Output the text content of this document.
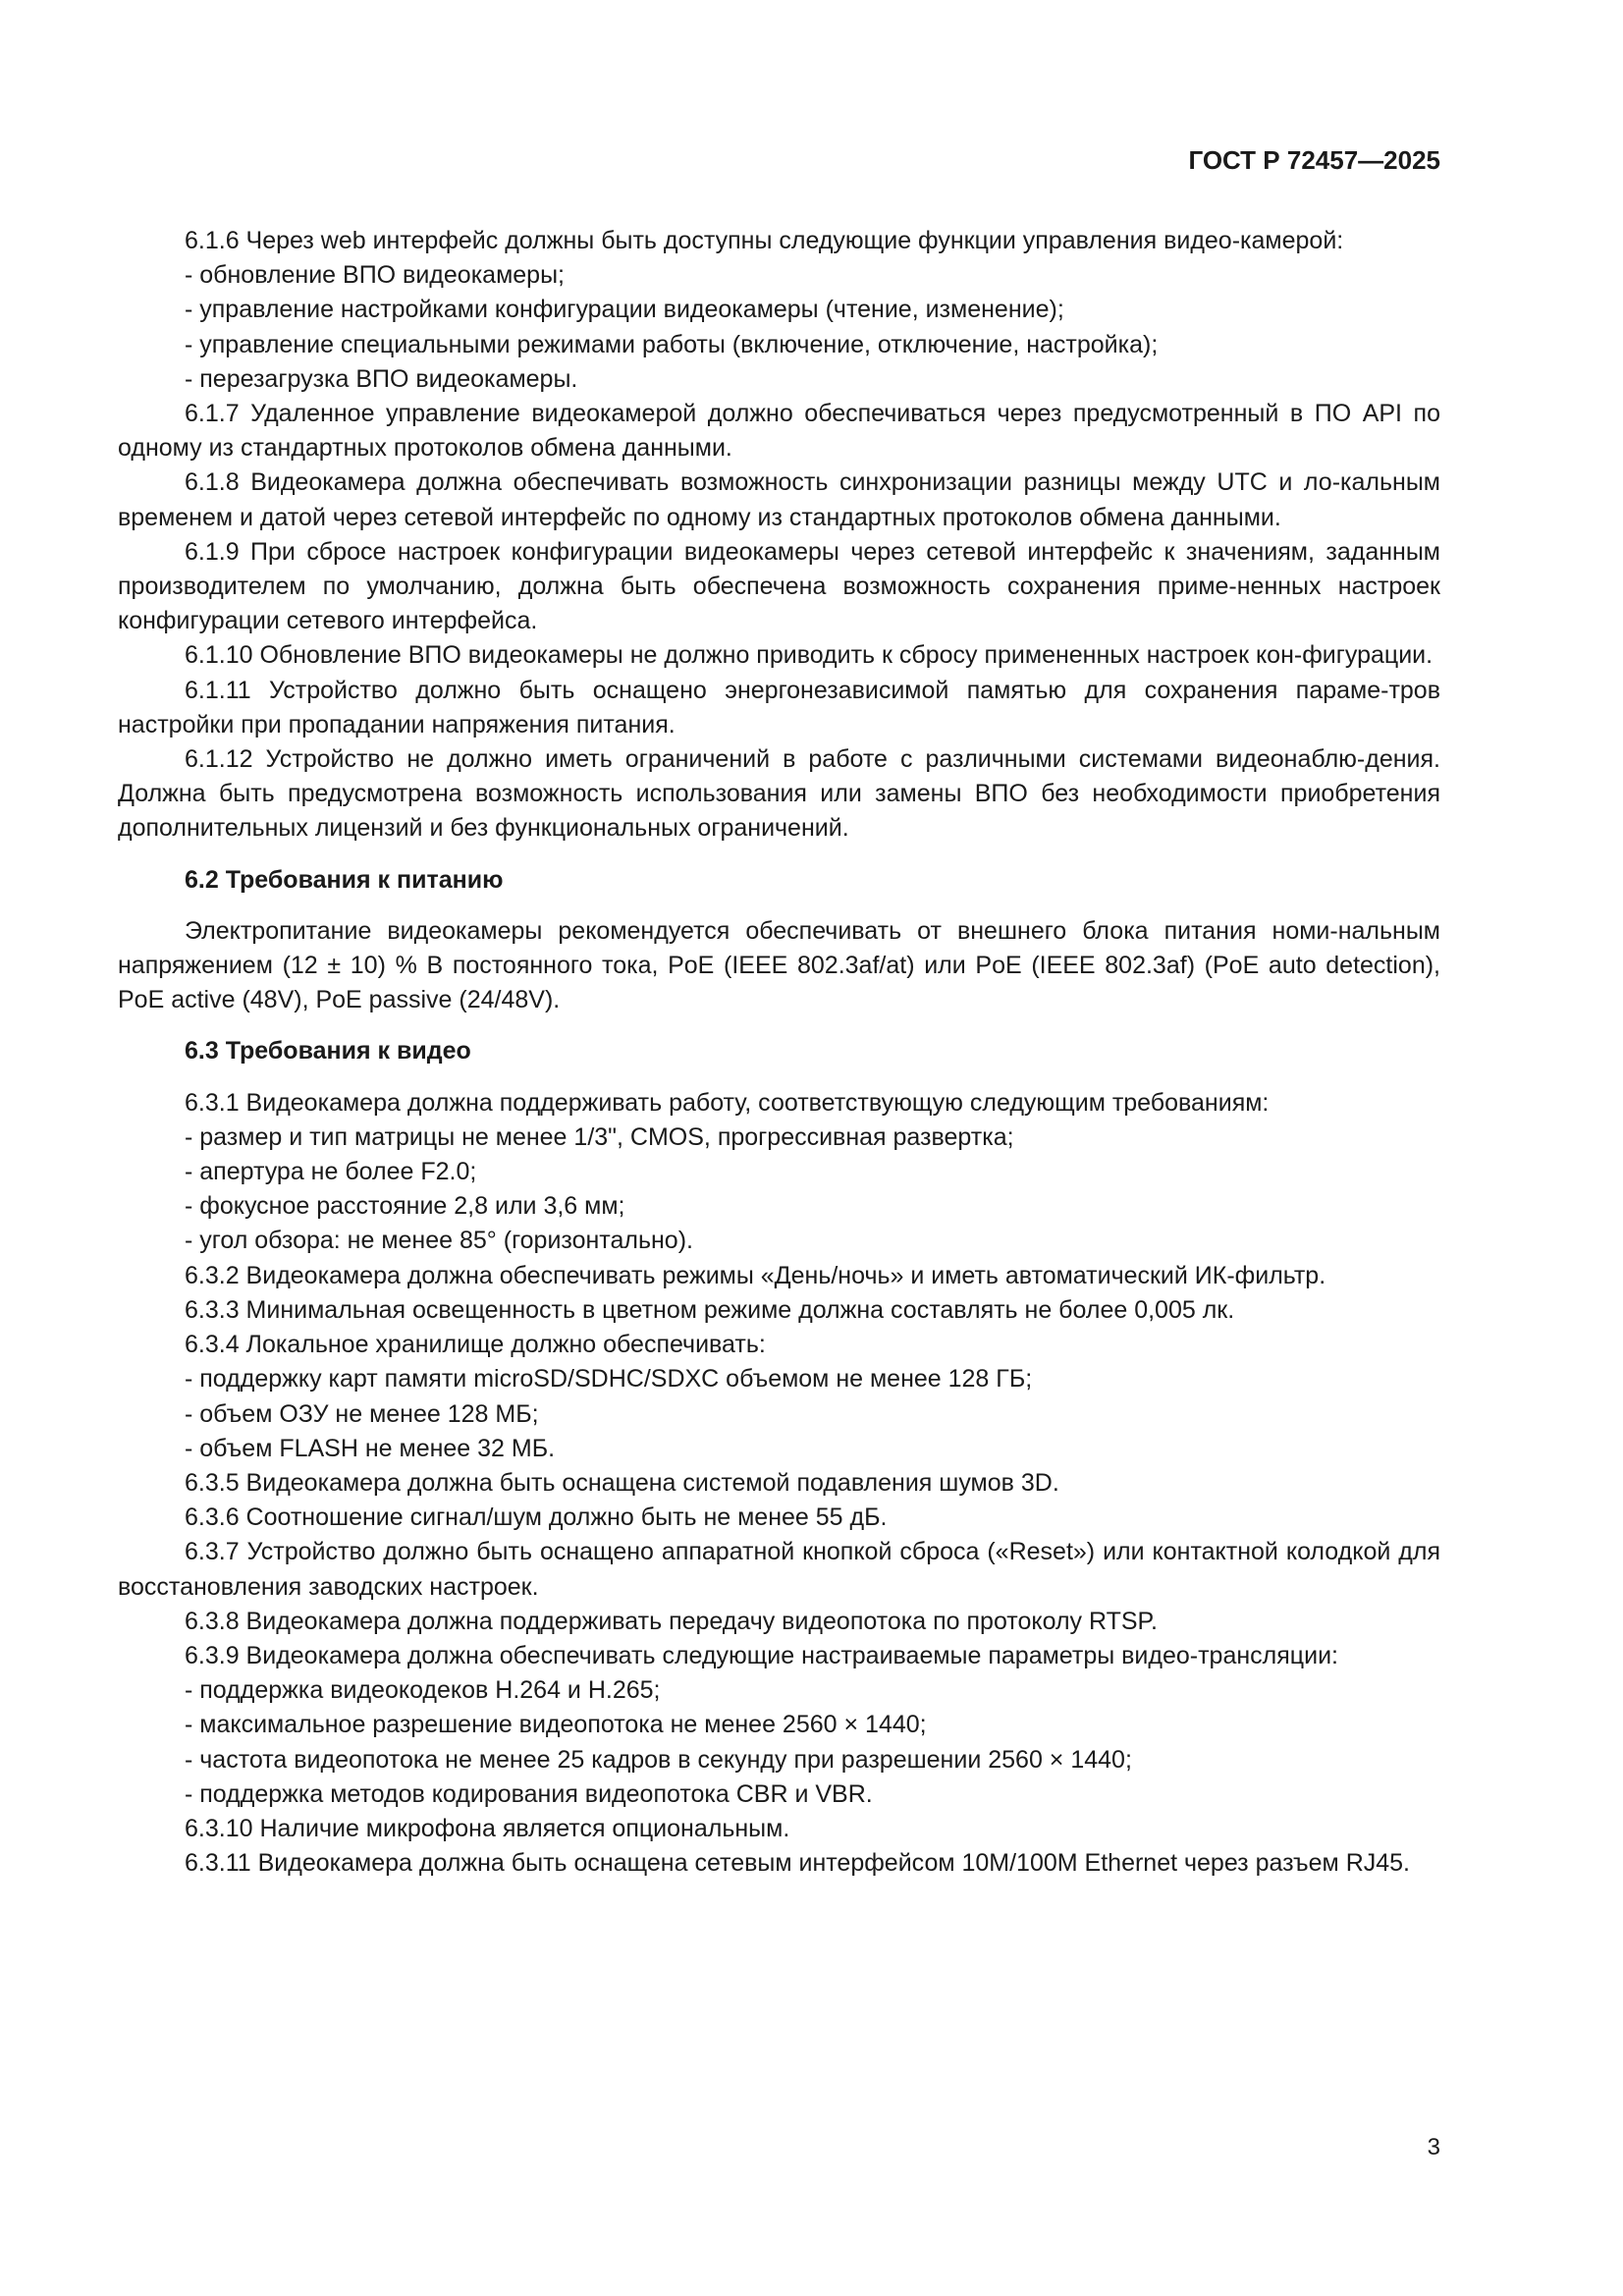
ГОСТ Р 72457—2025

6.1.6 Через web интерфейс должны быть доступны следующие функции управления видео-камерой:

- обновление ВПО видеокамеры;

- управление настройками конфигурации видеокамеры (чтение, изменение);

- управление специальными режимами работы (включение, отключение, настройка);

- перезагрузка ВПО видеокамеры.

6.1.7 Удаленное управление видеокамерой должно обеспечиваться через предусмотренный в ПО API по одному из стандартных протоколов обмена данными.

6.1.8 Видеокамера должна обеспечивать возможность синхронизации разницы между UTC и ло-кальным временем и датой через сетевой интерфейс по одному из стандартных протоколов обмена данными.

6.1.9 При сбросе настроек конфигурации видеокамеры через сетевой интерфейс к значениям, заданным производителем по умолчанию, должна быть обеспечена возможность сохранения приме-ненных настроек конфигурации сетевого интерфейса.

6.1.10 Обновление ВПО видеокамеры не должно приводить к сбросу примененных настроек кон-фигурации.

6.1.11 Устройство должно быть оснащено энергонезависимой памятью для сохранения параме-тров настройки при пропадании напряжения питания.

6.1.12 Устройство не должно иметь ограничений в работе с различными системами видеонаблю-дения. Должна быть предусмотрена возможность использования или замены ВПО без необходимости приобретения дополнительных лицензий и без функциональных ограничений.

6.2 Требования к питанию

Электропитание видеокамеры рекомендуется обеспечивать от внешнего блока питания номи-нальным напряжением (12 ± 10) % В постоянного тока, PoE (IEEE 802.3af/at) или PoE (IEEE 802.3af) (PoE auto detection), PoE active (48V), PoE passive (24/48V).

6.3 Требования к видео

6.3.1 Видеокамера должна поддерживать работу, соответствующую следующим требованиям:

- размер и тип матрицы не менее 1/3", CMOS, прогрессивная развертка;

- апертура не более F2.0;

- фокусное расстояние 2,8 или 3,6 мм;

- угол обзора: не менее 85° (горизонтально).

6.3.2 Видеокамера должна обеспечивать режимы «День/ночь» и иметь автоматический ИК-фильтр.

6.3.3 Минимальная освещенность в цветном режиме должна составлять не более 0,005 лк.

6.3.4 Локальное хранилище должно обеспечивать:

- поддержку карт памяти microSD/SDHC/SDXC объемом не менее 128 ГБ;

- объем ОЗУ не менее 128 МБ;

- объем FLASH не менее 32 МБ.

6.3.5 Видеокамера должна быть оснащена системой подавления шумов 3D.

6.3.6 Соотношение сигнал/шум должно быть не менее 55 дБ.

6.3.7 Устройство должно быть оснащено аппаратной кнопкой сброса («Reset») или контактной колодкой для восстановления заводских настроек.

6.3.8 Видеокамера должна поддерживать передачу видеопотока по протоколу RTSP.

6.3.9 Видеокамера должна обеспечивать следующие настраиваемые параметры видео-трансляции:

- поддержка видеокодеков H.264 и H.265;

- максимальное разрешение видеопотока не менее 2560 × 1440;

- частота видеопотока не менее 25 кадров в секунду при разрешении 2560 × 1440;

- поддержка методов кодирования видеопотока CBR и VBR.

6.3.10 Наличие микрофона является опциональным.

6.3.11 Видеокамера должна быть оснащена сетевым интерфейсом 10M/100M Ethernet через разъем RJ45.

3
